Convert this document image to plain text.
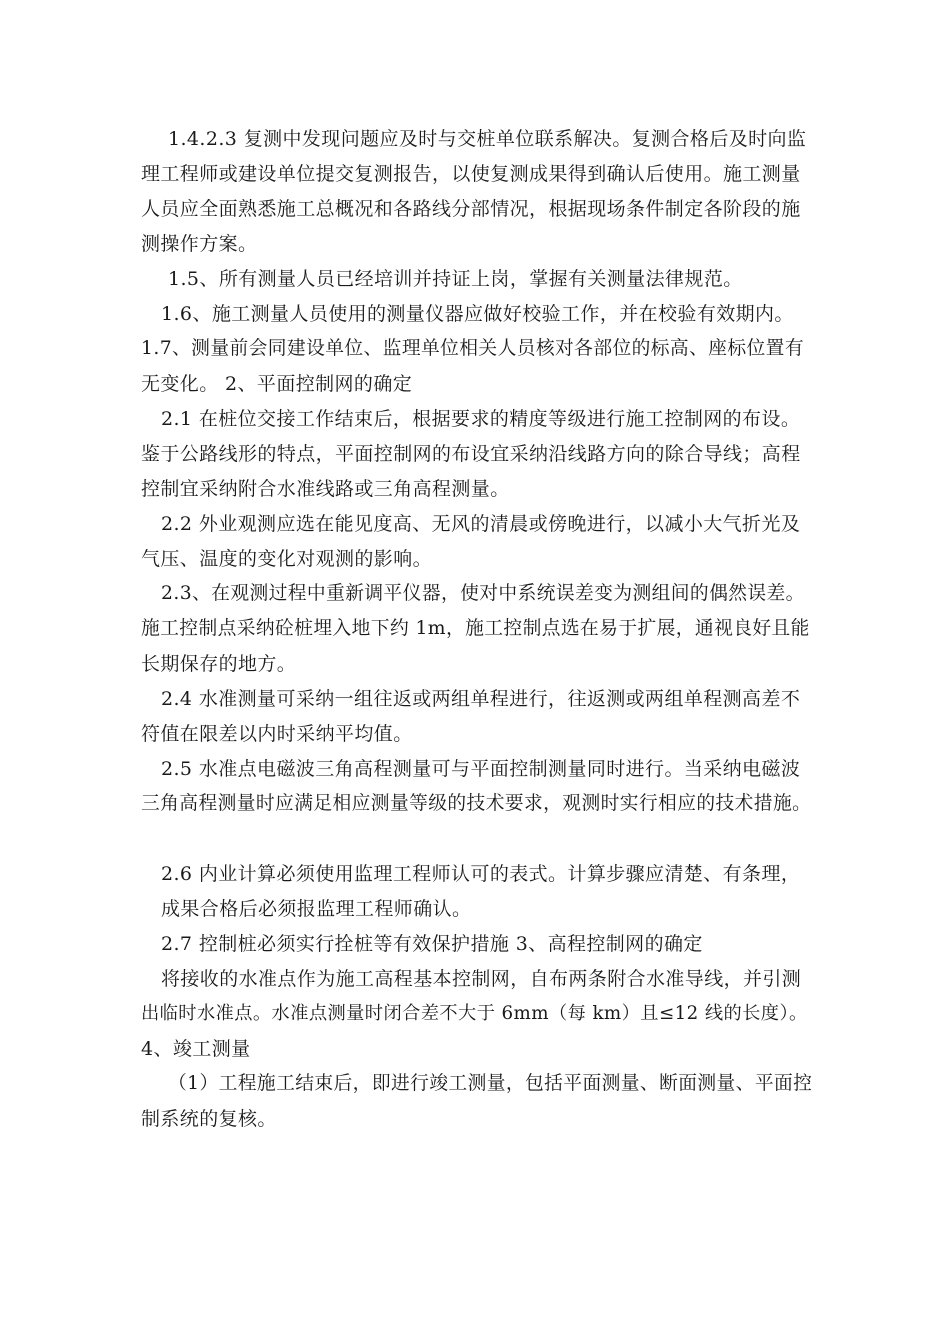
1.4.2.3 复测中发现问题应及时与交桩单位联系解决。复测合格后及时向监
理工程师或建设单位提交复测报告，以使复测成果得到确认后使用。施工测量
人员应全面熟悉施工总概况和各路线分部情况，根据现场条件制定各阶段的施
测操作方案。
1.5、所有测量人员已经培训并持证上岗，掌握有关测量法律规范。
1.6、施工测量人员使用的测量仪器应做好校验工作，并在校验有效期内。
1.7、测量前会同建设单位、监理单位相关人员核对各部位的标高、座标位置有
无变化。 2、平面控制网的确定
2.1 在桩位交接工作结束后，根据要求的精度等级进行施工控制网的布设。
鉴于公路线形的特点，平面控制网的布设宜采纳沿线路方向的除合导线；高程
控制宜采纳附合水准线路或三角高程测量。
2.2 外业观测应选在能见度高、无风的清晨或傍晚进行，以减小大气折光及
气压、温度的变化对观测的影响。
2.3、在观测过程中重新调平仪器，使对中系统误差变为测组间的偶然误差。
施工控制点采纳砼桩埋入地下约 1m，施工控制点选在易于扩展，通视良好且能
长期保存的地方。
2.4 水准测量可采纳一组往返或两组单程进行，往返测或两组单程测高差不
符值在限差以内时采纳平均值。
2.5 水准点电磁波三角高程测量可与平面控制测量同时进行。当采纳电磁波
三角高程测量时应满足相应测量等级的技术要求，观测时实行相应的技术措施。
2.6 内业计算必须使用监理工程师认可的表式。计算步骤应清楚、有条理，
成果合格后必须报监理工程师确认。
2.7 控制桩必须实行拴桩等有效保护措施 3、高程控制网的确定
将接收的水准点作为施工高程基本控制网，自布两条附合水准导线，并引测
出临时水准点。水准点测量时闭合差不大于 6mm（每 km）且≤12 线的长度）。
4、竣工测量
（1）工程施工结束后，即进行竣工测量，包括平面测量、断面测量、平面控
制系统的复核。
